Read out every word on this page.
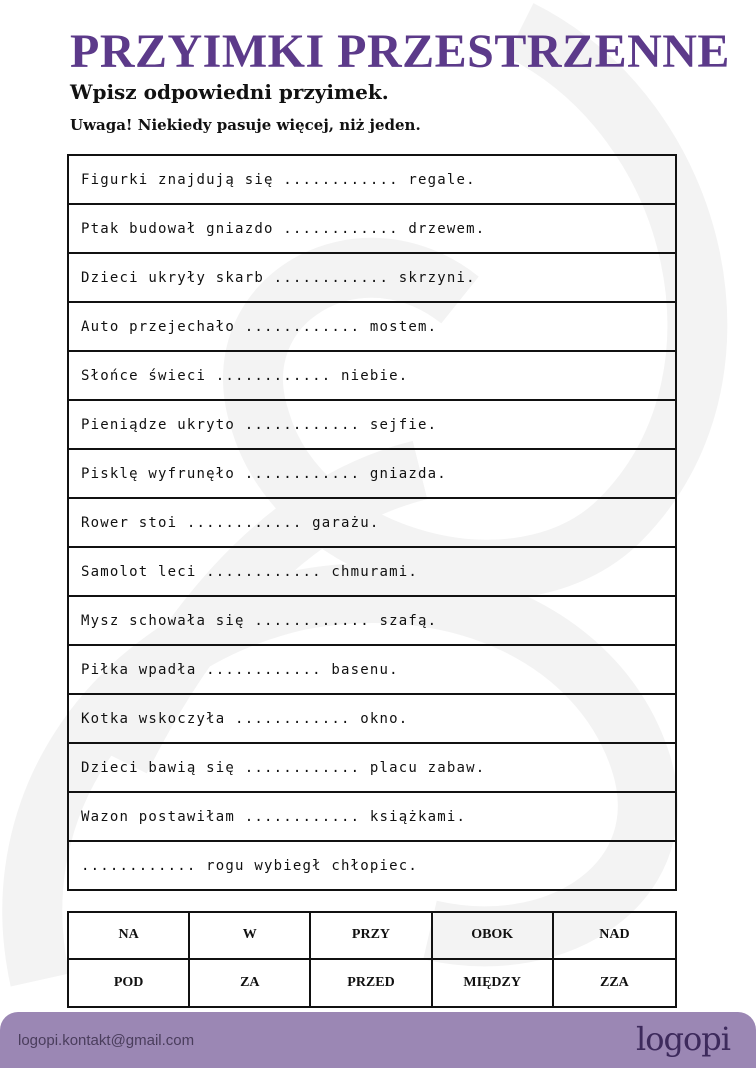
PRZYIMKI PRZESTRZENNE
Wpisz odpowiedni przyimek.

Uwaga! Niekiedy pasuje więcej, niż jeden.

Figurki znajdują się ............ regale.
Ptak budował gniazdo ............ drzewem.
Dzieci ukryły skarb ............ skrzyni.
Auto przejechało ............ mostem.
Słońce świeci ............ niebie.
Pieniądze ukryto ............ sejfie.
Pisklę wyfrunęło ............ gniazda.
Rower stoi ............ garażu.
Samolot leci ............ chmurami.
Mysz schowała się ............ szafą.
Piłka wpadła ............ basenu.
Kotka wskoczyła ............ okno.
Dzieci bawią się ............ placu zabaw.
Wazon postawiłam ............ książkami.
............ rogu wybiegł chłopiec.
NA	W	PRZY	OBOK	NAD
POD	ZA	PRZED	MIĘDZY	ZZA
logopi.kontakt@gmail.com	logopi
